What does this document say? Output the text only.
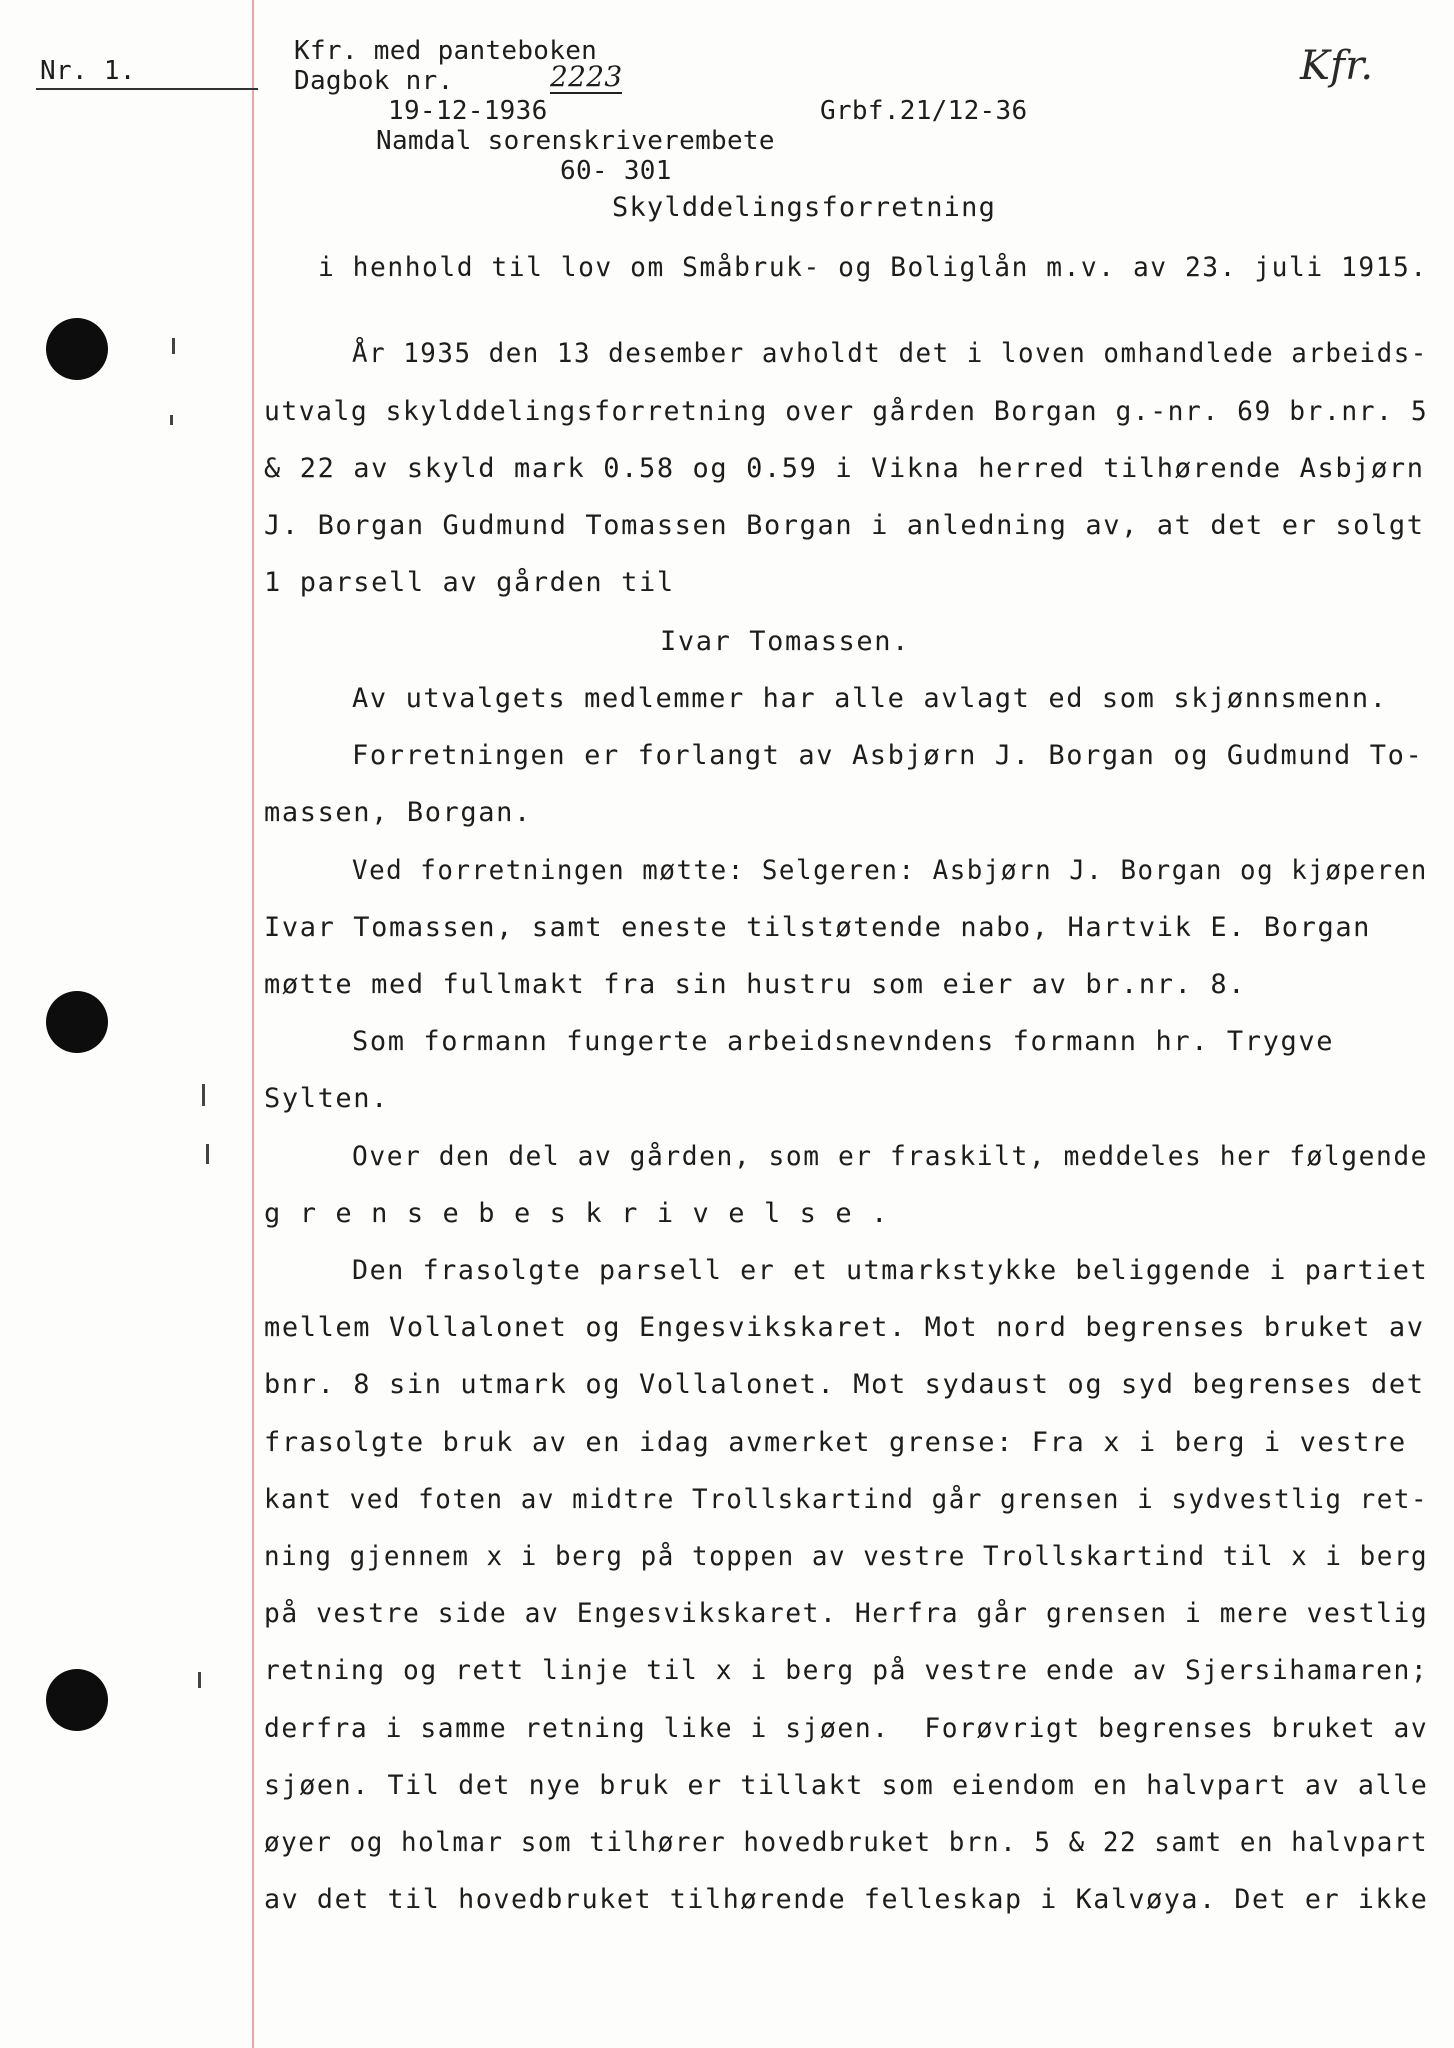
Nr. 1.
Kfr. med panteboken
Dagbok nr.	2223
19-12-1936	Grbf.21/12-36
Namdal sorenskriverembete
60- 301
Kfr.
Skylddelingsforretning
i henhold til lov om Småbruk- og Boliglån m.v. av 23. juli 1915.
År 1935 den 13 desember avholdt det i loven omhandlede arbeids-
utvalg skylddelingsforretning over gården Borgan g.-nr. 69 br.nr. 5
& 22 av skyld mark 0.58 og 0.59 i Vikna herred tilhørende Asbjørn
J. Borgan Gudmund Tomassen Borgan i anledning av, at det er solgt
1 parsell av gården til
Ivar Tomassen.
Av utvalgets medlemmer har alle avlagt ed som skjønnsmenn.
Forretningen er forlangt av Asbjørn J. Borgan og Gudmund To-
massen, Borgan.
Ved forretningen møtte: Selgeren: Asbjørn J. Borgan og kjøperen
Ivar Tomassen, samt eneste tilstøtende nabo, Hartvik E. Borgan
møtte med fullmakt fra sin hustru som eier av br.nr. 8.
Som formann fungerte arbeidsnevndens formann hr. Trygve
Sylten.
Over den del av gården, som er fraskilt, meddeles her følgende
g r e n s e b e s k r i v e l s e .
Den frasolgte parsell er et utmarkstykke beliggende i partiet
mellem Vollalonet og Engesvikskaret. Mot nord begrenses bruket av
bnr. 8 sin utmark og Vollalonet. Mot sydaust og syd begrenses det
frasolgte bruk av en idag avmerket grense: Fra x i berg i vestre
kant ved foten av midtre Trollskartind går grensen i sydvestlig ret-
ning gjennem x i berg på toppen av vestre Trollskartind til x i berg
på vestre side av Engesvikskaret. Herfra går grensen i mere vestlig
retning og rett linje til x i berg på vestre ende av Sjersihamaren;
derfra i samme retning like i sjøen.  Forøvrigt begrenses bruket av
sjøen. Til det nye bruk er tillakt som eiendom en halvpart av alle
øyer og holmar som tilhører hovedbruket brn. 5 & 22 samt en halvpart
av det til hovedbruket tilhørende felleskap i Kalvøya. Det er ikke
